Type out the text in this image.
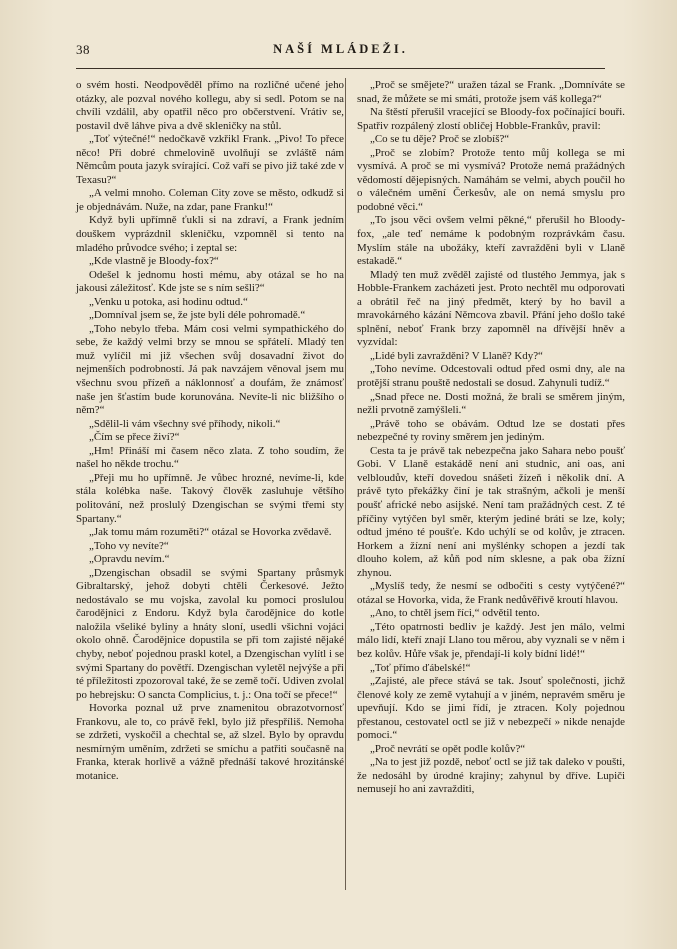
38	NAŠÍ MLÁDEŽI.

o svém hosti. Neodpověděl přímo na rozličné učené jeho otázky, ale pozval nového kollegu, aby si sedl. Potom se na chvíli vzdálil, aby opatřil něco pro občerstvení. Vrátiv se, postavil dvě láhve piva a dvě skleničky na stůl.

„Toť výtečné!“ nedočkavě vzkřikl Frank. „Pivo! To přece něco! Při dobré chmelovině uvolňují se zvláště nám Němcům pouta jazyk svírající. Což vaří se pivo již také zde v Texasu?“

„A velmi mnoho. Coleman City zove se město, odkudž si je objednávám. Nuže, na zdar, pane Franku!“

Když byli upřímně ťukli si na zdraví, a Frank jedním douškem vyprázdnil skleničku, vzpomněl si tento na mladého průvodce svého; i zeptal se:

„Kde vlastně je Bloody-fox?“

Odešel k jednomu hosti mému, aby otázal se ho na jakousi záležitosť. Kde jste se s ním sešli?“

„Venku u potoka, asi hodinu odtud.“

„Domníval jsem se, že jste byli déle pohromadě.“

„Toho nebylo třeba. Mám cosi velmi sympathického do sebe, že každý velmi brzy se mnou se spřátelí. Mladý ten muž vylíčil mi již všechen svůj dosavadní život do nejmenších podrobností. Já pak navzájem věnoval jsem mu všechnu svou přízeň a náklonnosť a doufám, že známosť naše jen šťastím bude korunována. Nevíte-li nic bližšího o něm?“

„Sdělil-li vám všechny své příhody, nikoli.“

„Čím se přece živí?“

„Hm! Přináší mi časem něco zlata. Z toho soudím, že našel ho někde trochu.“

„Přeji mu ho upřímně. Je vůbec hrozné, nevíme-li, kde stála kolébka naše. Takový člověk zasluhuje většího politování, než proslulý Dzengischan se svými třemi sty Spartany.“

„Jak tomu mám rozuměti?“ otázal se Hovorka zvědavě.

„Toho vy nevíte?“

„Opravdu nevím.“

„Dzengischan obsadil se svými Spartany průsmyk Gibraltarský, jehož dobyti chtěli Čerkesové. Ježto nedostávalo se mu vojska, zavolal ku pomoci proslulou čarodějnici z Endoru. Když byla čarodějnice do kotle naložila všeliké byliny a hnáty sloní, usedli všichni vojáci okolo ohně. Čarodějnice dopustila se při tom zajisté nějaké chyby, neboť pojednou praskl kotel, a Dzengischan vylítl i se svými Spartany do povětří. Dzengischan vyletěl nejvýše a při té příležitosti zpozoroval také, že se země točí. Udiven zvolal po hebrejsku: O sancta Complicius, t. j.: Ona točí se přece!“

Hovorka poznal už prve znamenitou obrazotvornosť Frankovu, ale to, co právě řekl, bylo již přespříliš. Nemoha se zdržeti, vyskočil a chechtal se, až slzel. Bylo by opravdu nesmírným uměním, zdržeti se smíchu a patřiti současně na Franka, kterak horlivě a vážně přednáší takové hrozitánské motanice.

„Proč se smějete?“ uražen tázal se Frank. „Domníváte se snad, že můžete se mi smáti, protože jsem váš kollega?“

Na štěstí přerušil vracející se Bloody-fox počínající bouři. Spatřiv rozpálený zlostí obličej Hobble-Frankův, pravil:

„Co se tu děje? Proč se zlobíš?“

„Proč se zlobím? Protože tento můj kollega se mi vysmívá. A proč se mi vysmívá? Protože nemá pražádných vědomostí dějepisných. Namáhám se velmi, abych poučil ho o válečném umění Čerkesův, ale on nemá smyslu pro podobné věci.“

„To jsou věci ovšem velmi pěkné,“ přerušil ho Bloody-fox, „ale teď nemáme k podobným rozprávkám času. Myslím stále na ubožáky, kteří zavražděni byli v Llaně estakadě.“

Mladý ten muž zvěděl zajisté od tlustého Jemmya, jak s Hobble-Frankem zacházeti jest. Proto nechtěl mu odporovati a obrátil řeč na jiný předmět, který by ho bavil a mravokárného kázání Němcova zbavil. Přání jeho došlo také splnění, neboť Frank brzy zapomněl na dřívější hněv a vyzvídal:

„Lidé byli zavražděni? V Llaně? Kdy?“

„Toho nevíme. Odcestovali odtud před osmi dny, ale na protější stranu pouště nedostali se dosud. Zahynuli tudíž.“

„Snad přece ne. Dosti možná, že brali se směrem jiným, nežli prvotně zamýšleli.“

„Právě toho se obávám. Odtud lze se dostati přes nebezpečné ty roviny směrem jen jediným.

Cesta ta je právě tak nebezpečna jako Sahara nebo poušť Gobi. V Llaně estakádě není ani studnic, ani oas, ani velbloudův, kteří dovedou snášeti žízeň i několik dní. A právě tyto překážky činí je tak strašným, ačkoli je menší poušť africké nebo asijské. Není tam pražádných cest. Z té příčiny vytýčen byl směr, kterým jediné bráti se lze, koly; odtud jméno té poušťe. Kdo uchýlí se od kolův, je ztracen. Horkem a žízní není ani myšlénky schopen a jezdí tak dlouho kolem, až kůň pod ním sklesne, a pak oba žízní zhynou.

„Myslíš tedy, že nesmí se odbočiti s cesty vytýčené?“ otázal se Hovorka, vida, že Frank nedůvěřivě kroutí hlavou.

„Ano, to chtěl jsem říci,“ odvětil tento.

„Této opatrnosti bedliv je každý. Jest jen málo, velmi málo lidí, kteří znají Llano tou měrou, aby vyznali se v něm i bez kolův. Hůře však je, přendají-li koly bídní lidé!“

„Toť přímo ďábelské!“

„Zajisté, ale přece stává se tak. Jsouť společnosti, jichž členové koly ze země vytahují a v jiném, nepravém směru je upevňují. Kdo se jimi řídí, je ztracen. Koly pojednou přestanou, cestovatel octl se již v nebezpečí » nikde nenajde pomoci.“

„Proč nevrátí se opět podle kolův?“

„Na to jest již pozdě, neboť octl se již tak daleko v poušti, že nedosáhl by úrodné krajiny; zahynul by dříve. Lupiči nemusejí ho ani zavražditi,
